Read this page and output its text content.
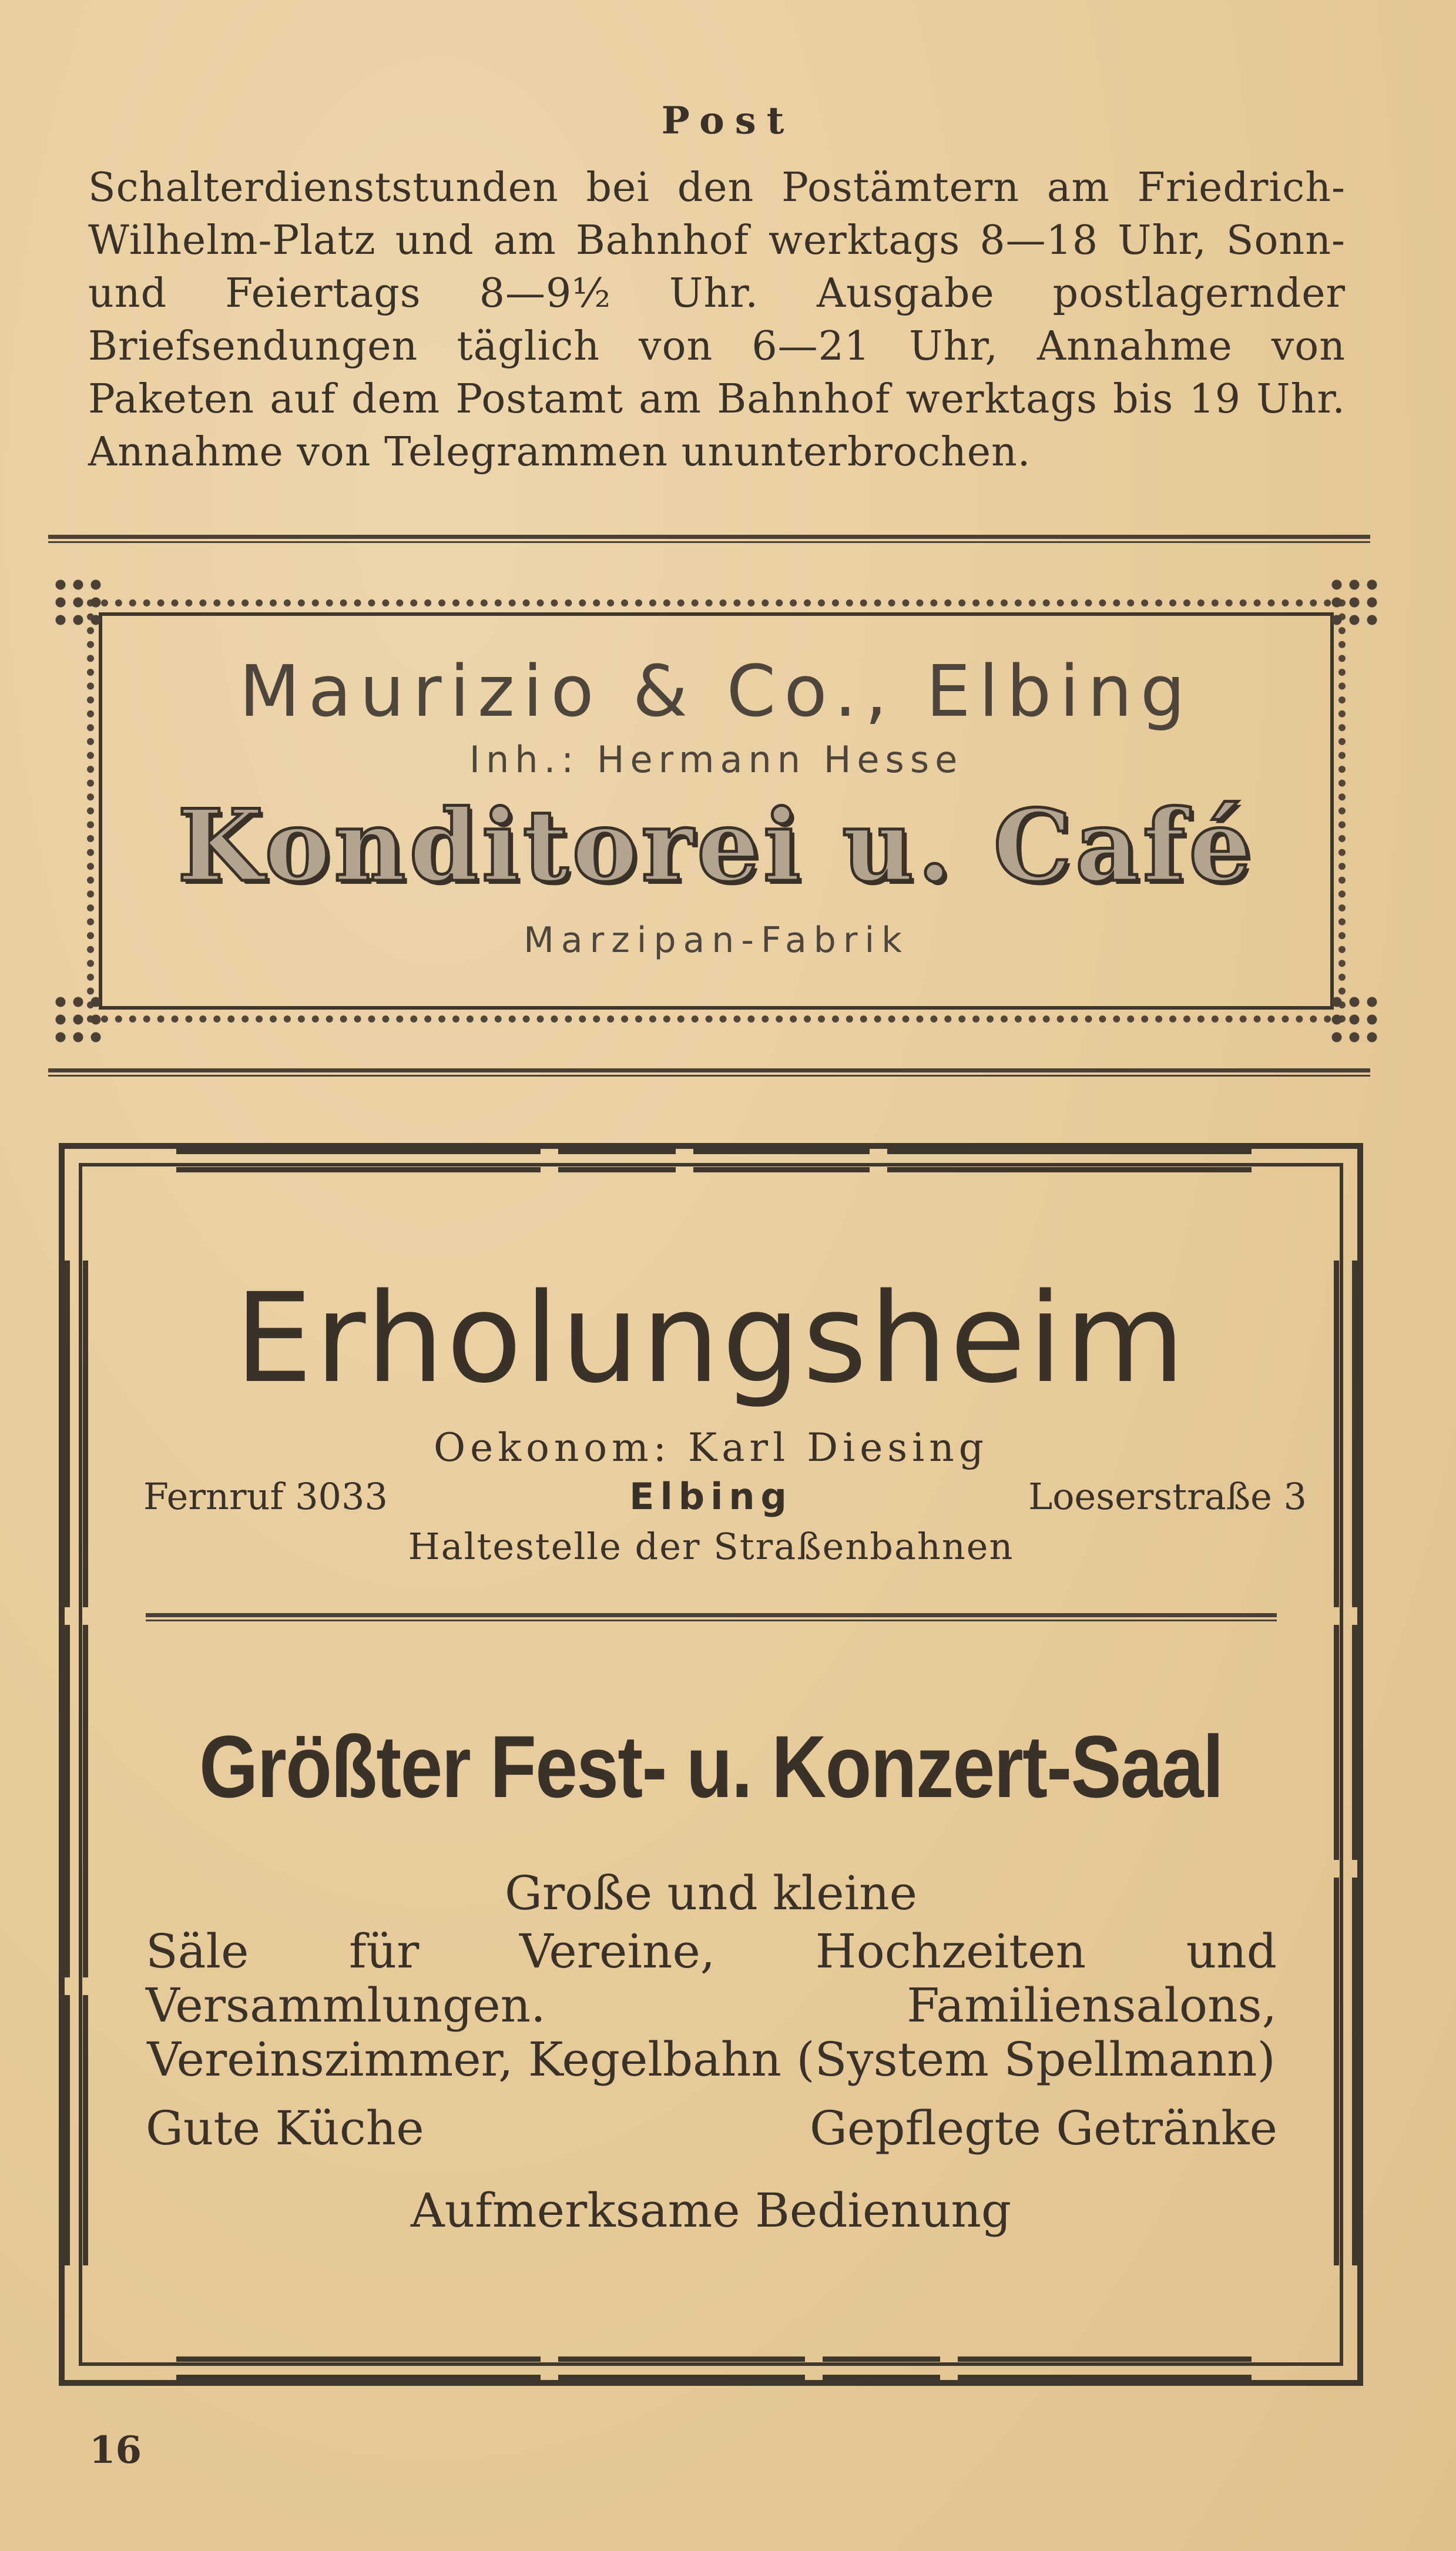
Post
Schalterdienststunden bei den Postämtern am Friedrich-Wilhelm-Platz und am Bahnhof werktags 8—18 Uhr, Sonn- und Feiertags 8—9½ Uhr. Ausgabe postlagernder Briefsendungen täglich von 6—21 Uhr, Annahme von Paketen auf dem Postamt am Bahnhof werktags bis 19 Uhr. Annahme von Telegrammen ununterbrochen.
Maurizio & Co., Elbing
Inh.: Hermann Hesse
Konditorei u. Café
Marzipan-Fabrik
Erholungsheim
Oekonom: Karl Diesing
Fernruf 3033	Elbing	Loeserstraße 3
Haltestelle der Straßenbahnen
Größter Fest- u. Konzert-Saal
Große und kleine
Säle für Vereine, Hochzeiten und Versammlungen. Familiensalons, Vereinszimmer, Kegelbahn (System Spellmann)
Gute Küche	Gepflegte Getränke
Aufmerksame Bedienung
16
